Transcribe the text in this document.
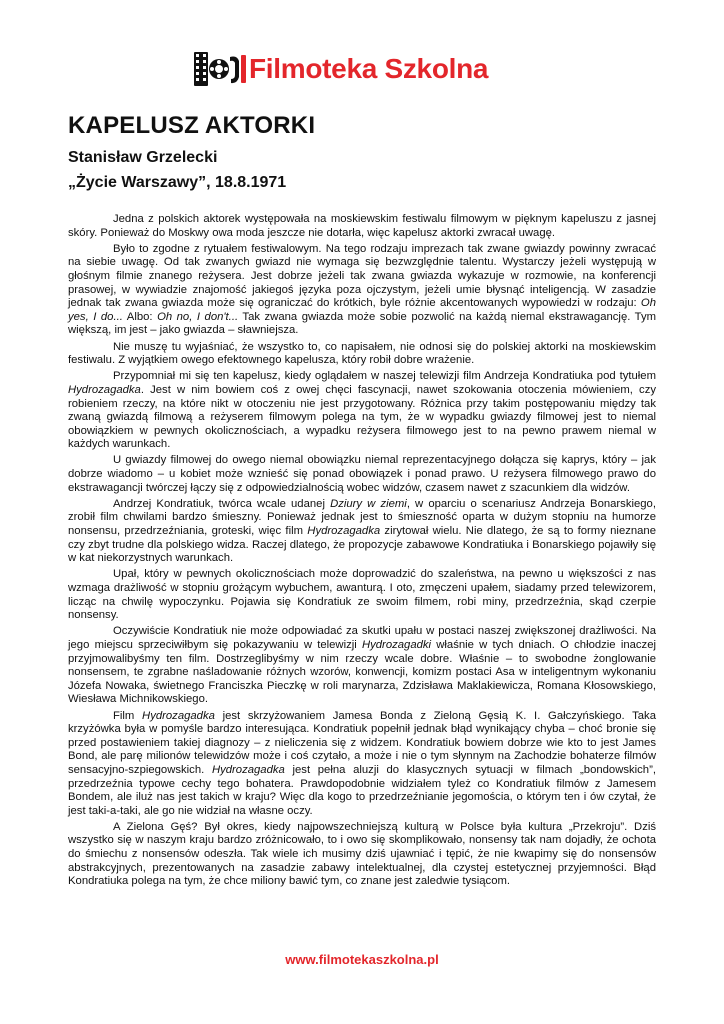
Filmoteka Szkolna
KAPELUSZ AKTORKI
Stanisław Grzelecki
„Życie Warszawy”, 18.8.1971

Jedna z polskich aktorek występowała na moskiewskim festiwalu filmowym w pięknym kapeluszu z jasnej skóry. Ponieważ do Moskwy owa moda jeszcze nie dotarła, więc kapelusz aktorki zwracał uwagę.

Było to zgodne z rytuałem festiwalowym. Na tego rodzaju imprezach tak zwane gwiazdy powinny zwracać na siebie uwagę. Od tak zwanych gwiazd nie wymaga się bezwzględnie talentu. Wystarczy jeżeli występują w głośnym filmie znanego reżysera. Jest dobrze jeżeli tak zwana gwiazda wykazuje w rozmowie, na konferencji prasowej, w wywiadzie znajomość jakiegoś języka poza ojczystym, jeżeli umie błysnąć inteligencją. W zasadzie jednak tak zwana gwiazda może się ograniczać do krótkich, byle różnie akcentowanych wypowiedzi w rodzaju: Oh yes, I do... Albo: Oh no, I don't... Tak zwana gwiazda może sobie pozwolić na każdą niemal ekstrawagancję. Tym większą, im jest – jako gwiazda – sławniejsza.

Nie muszę tu wyjaśniać, że wszystko to, co napisałem, nie odnosi się do polskiej aktorki na moskiewskim festiwalu. Z wyjątkiem owego efektownego kapelusza, który robił dobre wrażenie.

Przypomniał mi się ten kapelusz, kiedy oglądałem w naszej telewizji film Andrzeja Kondratiuka pod tytułem Hydrozagadka. Jest w nim bowiem coś z owej chęci fascynacji, nawet szokowania otoczenia mówieniem, czy robieniem rzeczy, na które nikt w otoczeniu nie jest przygotowany. Różnica przy takim postępowaniu między tak zwaną gwiazdą filmową a reżyserem filmowym polega na tym, że w wypadku gwiazdy filmowej jest to niemal obowiązkiem w pewnych okolicznościach, a wypadku reżysera filmowego jest to na pewno prawem niemal w każdych warunkach.

U gwiazdy filmowej do owego niemal obowiązku niemal reprezentacyjnego dołącza się kaprys, który – jak dobrze wiadomo – u kobiet może wznieść się ponad obowiązek i ponad prawo. U reżysera filmowego prawo do ekstrawagancji twórczej łączy się z odpowiedzialnością wobec widzów, czasem nawet z szacunkiem dla widzów.

Andrzej Kondratiuk, twórca wcale udanej Dziury w ziemi, w oparciu o scenariusz Andrzeja Bonarskiego, zrobił film chwilami bardzo śmieszny. Ponieważ jednak jest to śmieszność oparta w dużym stopniu na humorze nonsensu, przedrzeźniania, groteski, więc film Hydrozagadka zirytował wielu. Nie dlatego, że są to formy nieznane czy zbyt trudne dla polskiego widza. Raczej dlatego, że propozycje zabawowe Kondratiuka i Bonarskiego pojawiły się w kat niekorzystnych warunkach.

Upał, który w pewnych okolicznościach może doprowadzić do szaleństwa, na pewno u większości z nas wzmaga drażliwość w stopniu grożącym wybuchem, awanturą. I oto, zmęczeni upałem, siadamy przed telewizorem, licząc na chwilę wypoczynku. Pojawia się Kondratiuk ze swoim filmem, robi miny, przedrzeźnia, skąd czerpie nonsensy.

Oczywiście Kondratiuk nie może odpowiadać za skutki upału w postaci naszej zwiększonej drażliwości. Na jego miejscu sprzeciwiłbym się pokazywaniu w telewizji Hydrozagadki właśnie w tych dniach. O chłodzie inaczej przyjmowalibyśmy ten film. Dostrzeglibyśmy w nim rzeczy wcale dobre. Właśnie – to swobodne żonglowanie nonsensem, te zgrabne naśladowanie różnych wzorów, konwencji, komizm postaci Asa w inteligentnym wykonaniu Józefa Nowaka, świetnego Franciszka Pieczkę w roli marynarza, Zdzisława Maklakiewicza, Romana Kłosowskiego, Wiesława Michnikowskiego.

Film Hydrozagadka jest skrzyżowaniem Jamesa Bonda z Zieloną Gęsią K. I. Gałczyńskiego. Taka krzyżówka była w pomyśle bardzo interesująca. Kondratiuk popełnił jednak błąd wynikający chyba – choć bronie się przed postawieniem takiej diagnozy – z nieliczenia się z widzem. Kondratiuk bowiem dobrze wie kto to jest James Bond, ale parę milionów telewidzów może i coś czytało, a może i nie o tym słynnym na Zachodzie bohaterze filmów sensacyjno-szpiegowskich. Hydrozagadka jest pełna aluzji do klasycznych sytuacji w filmach „bondowskich”, przedrzeźnia typowe cechy tego bohatera. Prawdopodobnie widziałem tyleż co Kondratiuk filmów z Jamesem Bondem, ale iluż nas jest takich w kraju? Więc dla kogo to przedrzeźnianie jegomościa, o którym ten i ów czytał, że jest taki-a-taki, ale go nie widział na własne oczy.

A Zielona Gęś? Był okres, kiedy najpowszechniejszą kulturą w Polsce była kultura „Przekroju”. Dziś wszystko się w naszym kraju bardzo zróżnicowało, to i owo się skomplikowało, nonsensy tak nam dojadły, że ochota do śmiechu z nonsensów odeszła. Tak wiele ich musimy dziś ujawniać i tępić, że nie kwapimy się do nonsensów abstrakcyjnych, prezentowanych na zasadzie zabawy intelektualnej, dla czystej estetycznej przyjemności. Błąd Kondratiuka polega na tym, że chce miliony bawić tym, co znane jest zaledwie tysiącom.

www.filmotekaszkolna.pl
